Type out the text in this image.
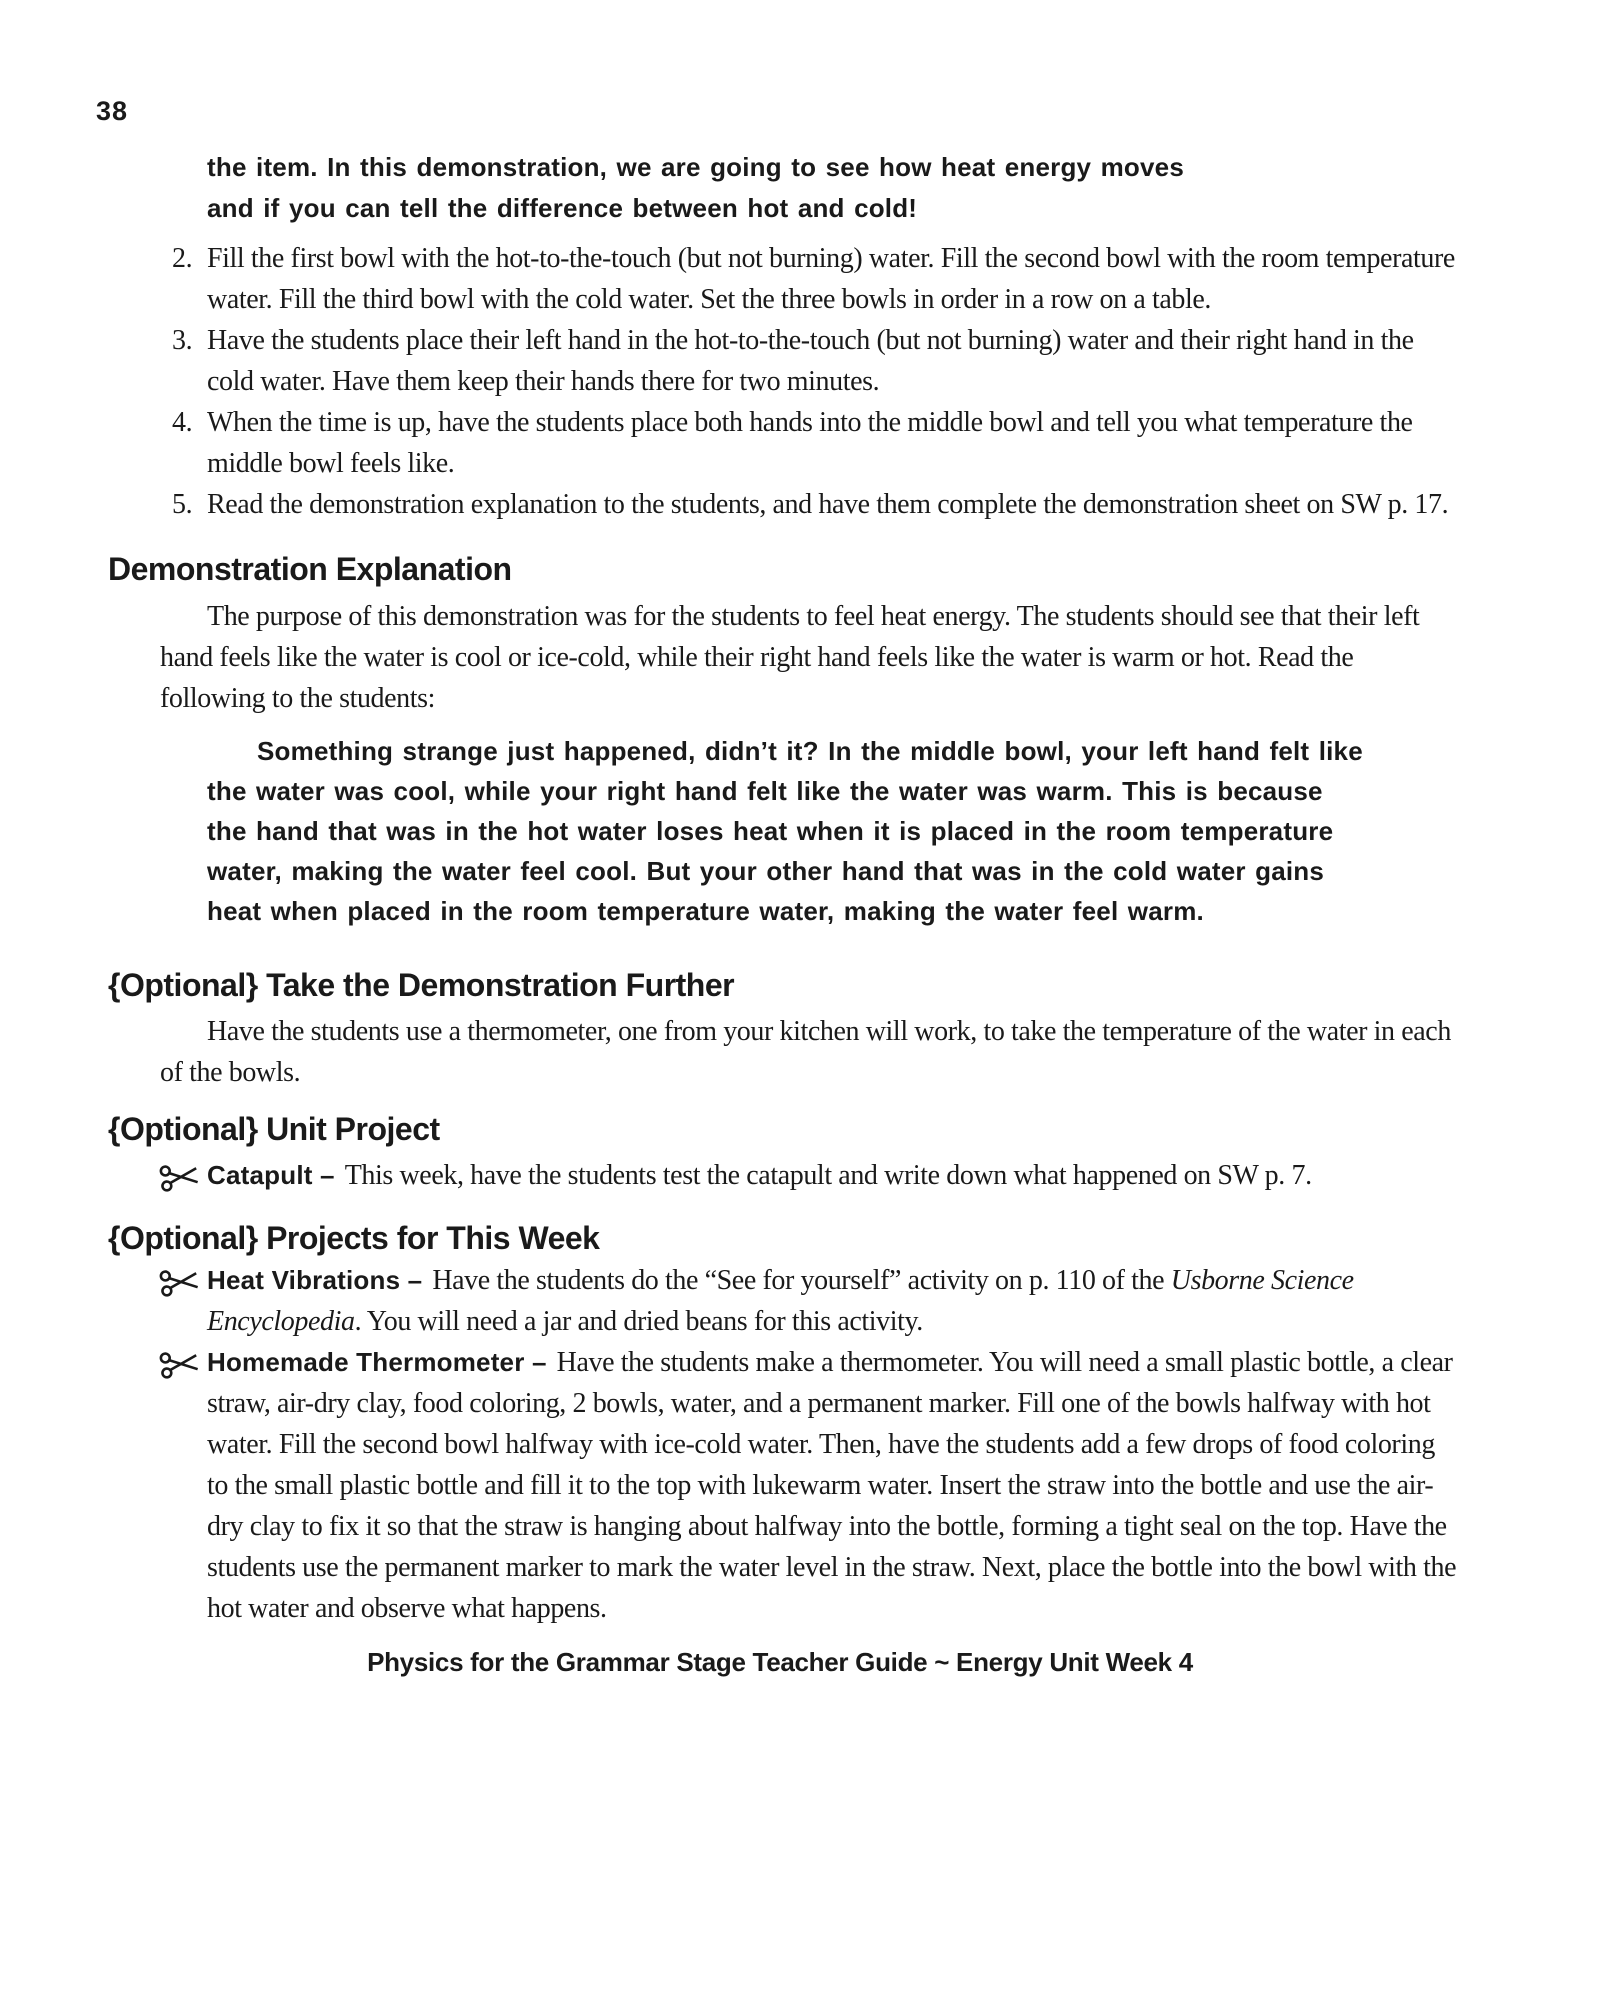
38
the item. In this demonstration, we are going to see how heat energy moves
and if you can tell the difference between hot and cold!
2. Fill the first bowl with the hot-to-the-touch (but not burning) water. Fill the second bowl with the room temperature water. Fill the third bowl with the cold water. Set the three bowls in order in a row on a table.
3. Have the students place their left hand in the hot-to-the-touch (but not burning) water and their right hand in the cold water. Have them keep their hands there for two minutes.
4. When the time is up, have the students place both hands into the middle bowl and tell you what temperature the middle bowl feels like.
5. Read the demonstration explanation to the students, and have them complete the demonstration sheet on SW p. 17.
Demonstration Explanation
The purpose of this demonstration was for the students to feel heat energy. The students should see that their left hand feels like the water is cool or ice-cold, while their right hand feels like the water is warm or hot. Read the following to the students:
Something strange just happened, didn’t it? In the middle bowl, your left hand felt like the water was cool, while your right hand felt like the water was warm. This is because the hand that was in the hot water loses heat when it is placed in the room temperature water, making the water feel cool. But your other hand that was in the cold water gains heat when placed in the room temperature water, making the water feel warm.
{Optional} Take the Demonstration Further
Have the students use a thermometer, one from your kitchen will work, to take the temperature of the water in each of the bowls.
{Optional} Unit Project
Catapult – This week, have the students test the catapult and write down what happened on SW p. 7.
{Optional} Projects for This Week
Heat Vibrations – Have the students do the “See for yourself” activity on p. 110 of the Usborne Science Encyclopedia. You will need a jar and dried beans for this activity.
Homemade Thermometer – Have the students make a thermometer. You will need a small plastic bottle, a clear straw, air-dry clay, food coloring, 2 bowls, water, and a permanent marker. Fill one of the bowls halfway with hot water. Fill the second bowl halfway with ice-cold water. Then, have the students add a few drops of food coloring to the small plastic bottle and fill it to the top with lukewarm water. Insert the straw into the bottle and use the air-dry clay to fix it so that the straw is hanging about halfway into the bottle, forming a tight seal on the top. Have the students use the permanent marker to mark the water level in the straw. Next, place the bottle into the bowl with the hot water and observe what happens.
Physics for the Grammar Stage Teacher Guide ~ Energy Unit Week 4
